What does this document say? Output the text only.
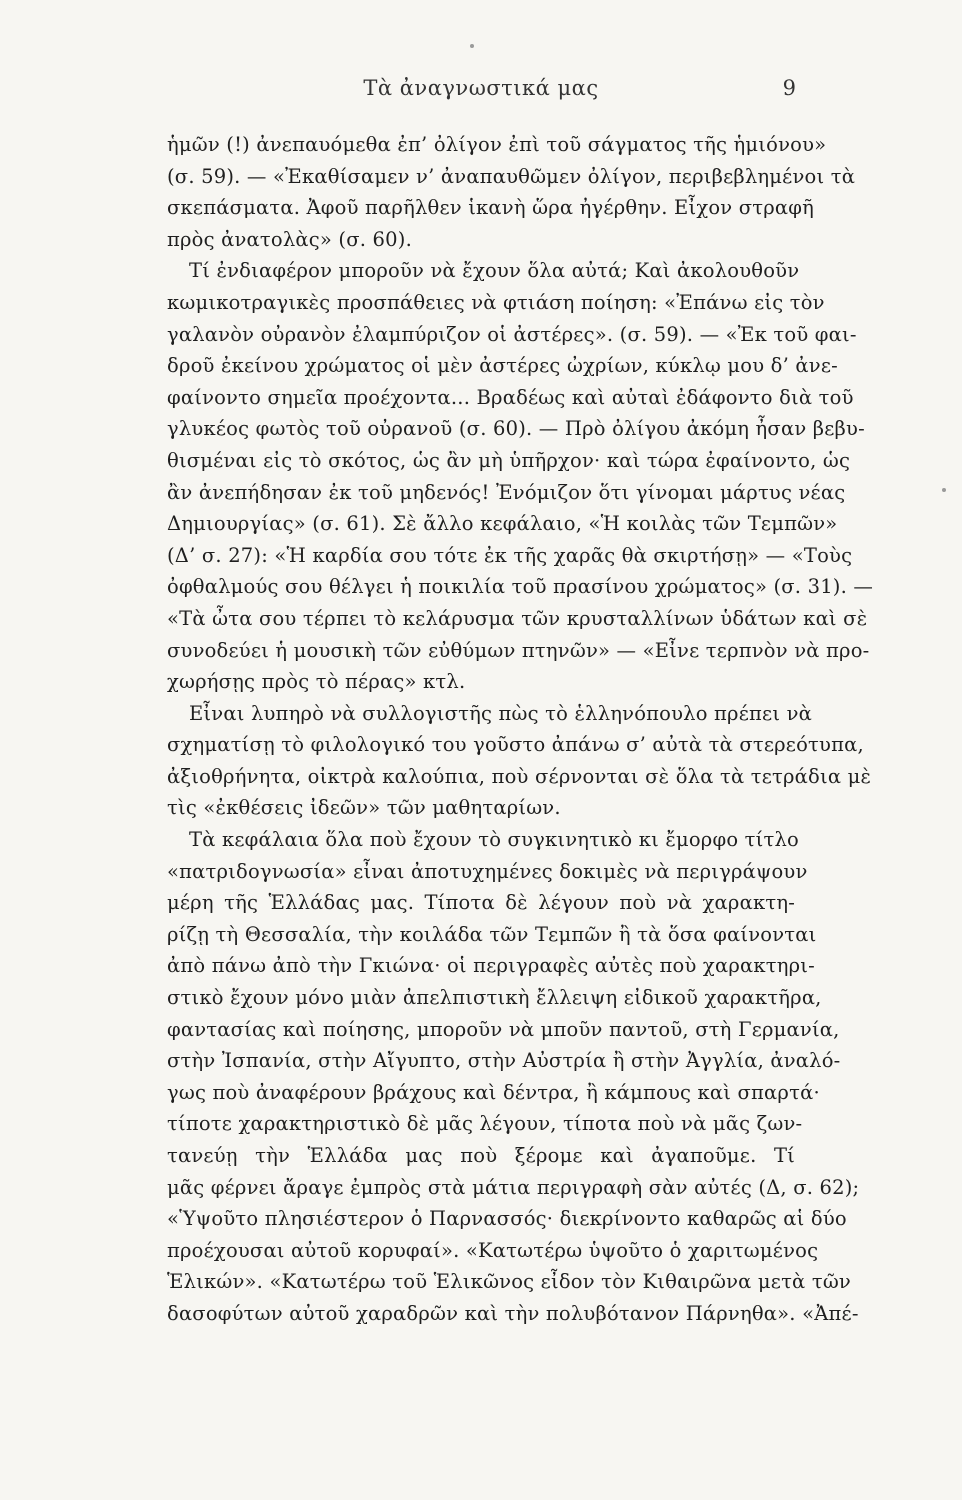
Τὰ ἀναγνωστικά μας	9
ἡμῶν (!) ἀνεπαυόμεθα ἐπ’ ὀλίγον ἐπὶ τοῦ σάγματος τῆς ἡμιόνου»
(σ. 59). — «Ἐκαθίσαμεν ν’ ἀναπαυθῶμεν ὀλίγον, περιβεβλημένοι τὰ
σκεπάσματα. Ἀφοῦ παρῆλθεν ἱκανὴ ὥρα ἠγέρθην. Εἶχον στραφῆ
πρὸς ἀνατολὰς» (σ. 60).
Τί ἐνδιαφέρον μποροῦν νὰ ἔχουν ὅλα αὐτά; Καὶ ἀκολουθοῦν
κωμικοτραγικὲς προσπάθειες νὰ φτιάση ποίηση: «Ἐπάνω εἰς τὸν
γαλανὸν οὐρανὸν ἐλαμπύριζον οἱ ἀστέρες». (σ. 59). — «Ἐκ τοῦ φαι-
δροῦ ἐκείνου χρώματος οἱ μὲν ἀστέρες ὠχρίων, κύκλῳ μου δ’ ἀνε-
φαίνοντο σημεῖα προέχοντα... Βραδέως καὶ αὐταὶ ἐδάφοντο διὰ τοῦ
γλυκέος φωτὸς τοῦ οὐρανοῦ (σ. 60). — Πρὸ ὀλίγου ἀκόμη ἦσαν βεβυ-
θισμέναι εἰς τὸ σκότος, ὡς ἂν μὴ ὑπῆρχον· καὶ τώρα ἐφαίνοντο, ὡς
ἂν ἀνεπήδησαν ἐκ τοῦ μηδενός! Ἐνόμιζον ὅτι γίνομαι μάρτυς νέας
Δημιουργίας» (σ. 61). Σὲ ἄλλο κεφάλαιο, «Ἡ κοιλὰς τῶν Τεμπῶν»
(Δ’ σ. 27): «Ἡ καρδία σου τότε ἐκ τῆς χαρᾶς θὰ σκιρτήσῃ» — «Τοὺς
ὀφθαλμούς σου θέλγει ἡ ποικιλία τοῦ πρασίνου χρώματος» (σ. 31). —
«Τὰ ὦτα σου τέρπει τὸ κελάρυσμα τῶν κρυσταλλίνων ὑδάτων καὶ σὲ
συνοδεύει ἡ μουσικὴ τῶν εὐθύμων πτηνῶν» — «Εἶνε τερπνὸν νὰ προ-
χωρήσῃς πρὸς τὸ πέρας» κτλ.
Εἶναι λυπηρὸ νὰ συλλογιστῆς πὼς τὸ ἑλληνόπουλο πρέπει νὰ
σχηματίσῃ τὸ φιλολογικό του γοῦστο ἀπάνω σ’ αὐτὰ τὰ στερεότυπα,
ἀξιοθρήνητα, οἰκτρὰ καλούπια, ποὺ σέρνονται σὲ ὅλα τὰ τετράδια μὲ
τὶς «ἐκθέσεις ἰδεῶν» τῶν μαθηταρίων.
Τὰ κεφάλαια ὅλα ποὺ ἔχουν τὸ συγκινητικὸ κι ἔμορφο τίτλο
«πατριδογνωσία» εἶναι ἀποτυχημένες δοκιμὲς νὰ περιγράψουν
μέρη τῆς Ἑλλάδας μας. Τίποτα δὲ λέγουν ποὺ νὰ χαρακτη-
ρίζῃ τὴ Θεσσαλία, τὴν κοιλάδα τῶν Τεμπῶν ἢ τὰ ὅσα φαίνονται
ἀπὸ πάνω ἀπὸ τὴν Γκιώνα· οἱ περιγραφὲς αὐτὲς ποὺ χαρακτηρι-
στικὸ ἔχουν μόνο μιὰν ἀπελπιστικὴ ἔλλειψη εἰδικοῦ χαρακτῆρα,
φαντασίας καὶ ποίησης, μποροῦν νὰ μποῦν παντοῦ, στὴ Γερμανία,
στὴν Ἰσπανία, στὴν Αἴγυπτο, στὴν Αὐστρία ἢ στὴν Ἀγγλία, ἀναλό-
γως ποὺ ἀναφέρουν βράχους καὶ δέντρα, ἢ κάμπους καὶ σπαρτά·
τίποτε χαρακτηριστικὸ δὲ μᾶς λέγουν, τίποτα ποὺ νὰ μᾶς ζων-
τανεύῃ τὴν Ἑλλάδα μας ποὺ ξέρομε καὶ ἀγαποῦμε. Τί
μᾶς φέρνει ἄραγε ἐμπρὸς στὰ μάτια περιγραφὴ σὰν αὐτές (Δ, σ. 62);
«Ὑψοῦτο πλησιέστερον ὁ Παρνασσός· διεκρίνοντο καθαρῶς αἱ δύο
προέχουσαι αὐτοῦ κορυφαί». «Κατωτέρω ὑψοῦτο ὁ χαριτωμένος
Ἑλικών». «Κατωτέρω τοῦ Ἑλικῶνος εἶδον τὸν Κιθαιρῶνα μετὰ τῶν
δασοφύτων αὐτοῦ χαραδρῶν καὶ τὴν πολυβότανον Πάρνηθα». «Ἀπέ-
